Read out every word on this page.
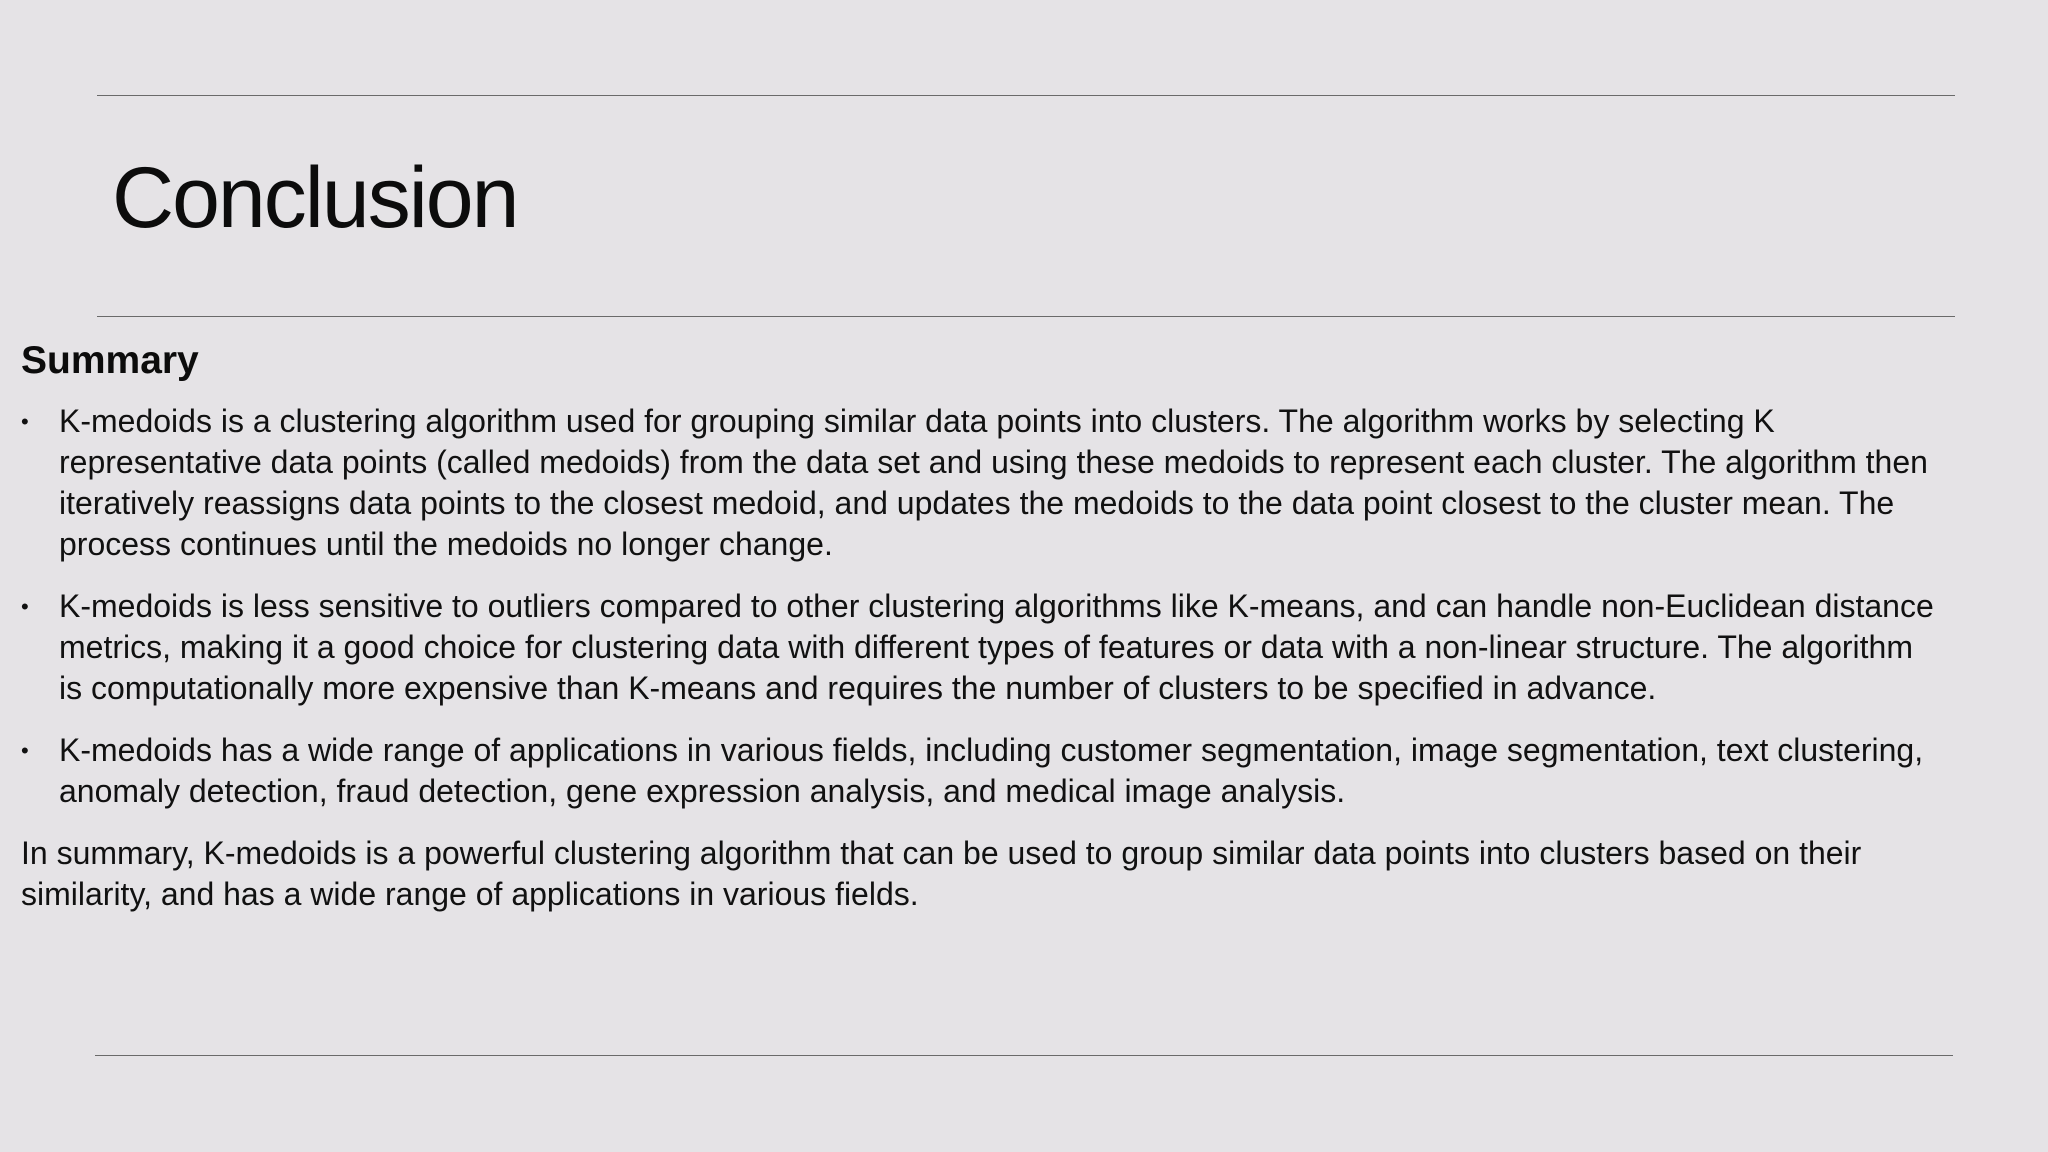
Conclusion
Summary
• K-medoids is a clustering algorithm used for grouping similar data points into clusters. The algorithm works by selecting K representative data points (called medoids) from the data set and using these medoids to represent each cluster. The algorithm then iteratively reassigns data points to the closest medoid, and updates the medoids to the data point closest to the cluster mean. The process continues until the medoids no longer change.
• K-medoids is less sensitive to outliers compared to other clustering algorithms like K-means, and can handle non-Euclidean distance metrics, making it a good choice for clustering data with different types of features or data with a non-linear structure. The algorithm is computationally more expensive than K-means and requires the number of clusters to be specified in advance.
• K-medoids has a wide range of applications in various fields, including customer segmentation, image segmentation, text clustering, anomaly detection, fraud detection, gene expression analysis, and medical image analysis.

In summary, K-medoids is a powerful clustering algorithm that can be used to group similar data points into clusters based on their similarity, and has a wide range of applications in various fields.
